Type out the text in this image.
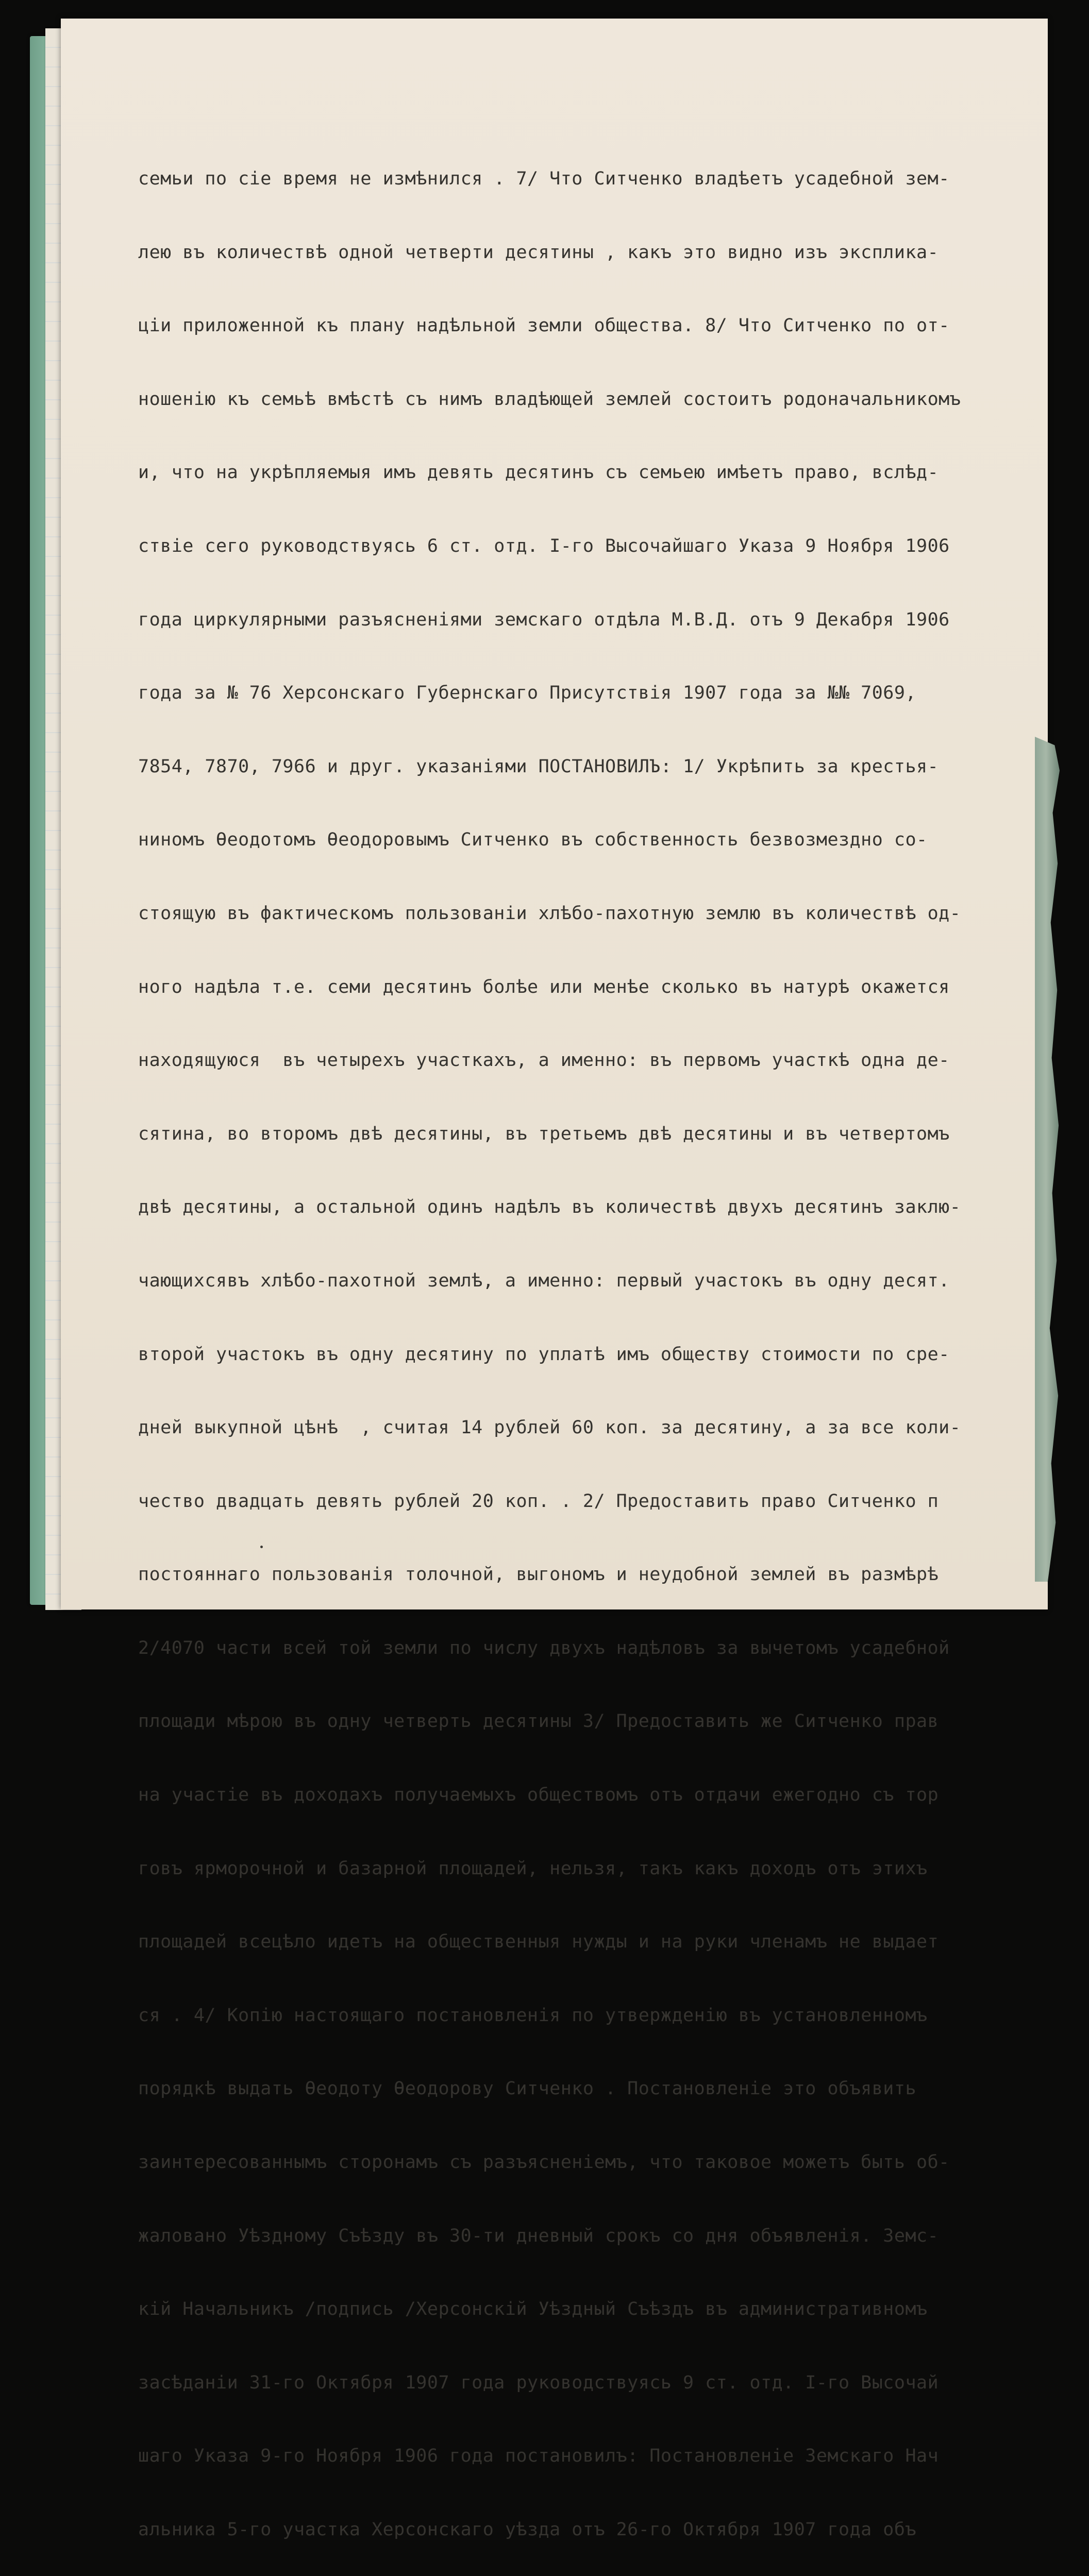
семьи по сіе время не измѣнился . 7/ Что Ситченко владѣетъ усадебной зем-

лею въ количествѣ одной четверти десятины , какъ это видно изъ эксплика-

ціи приложенной къ плану надѣльной земли общества. 8/ Что Ситченко по от-

ношенію къ семьѣ вмѣстѣ съ нимъ владѣющей землей состоитъ родоначальникомъ

и, что на укрѣпляемыя имъ девять десятинъ съ семьею имѣетъ право, вслѣд-

ствіе сего руководствуясь 6 ст. отд. I-го Высочайшаго Указа 9 Ноября 1906

года циркулярными разъясненіями земскаго отдѣла М.В.Д. отъ 9 Декабря 1906

года за № 76 Херсонскаго Губернскаго Присутствія 1907 года за №№ 7069,

7854, 7870, 7966 и друг. указаніями ПОСТАНОВИЛЪ: 1/ Укрѣпить за крестья-

ниномъ Ѳеодотомъ Ѳеодоровымъ Ситченко въ собственность безвозмездно со-

стоящую въ фактическомъ пользованіи хлѣбо-пахотную землю въ количествѣ од-

ного надѣла т.е. семи десятинъ болѣе или менѣе сколько въ натурѣ окажется

находящуюся  въ четырехъ участкахъ, а именно: въ первомъ участкѣ одна де-

сятина, во второмъ двѣ десятины, въ третьемъ двѣ десятины и въ четвертомъ

двѣ десятины, а остальной одинъ надѣлъ въ количествѣ двухъ десятинъ заклю-

чающихсявъ хлѣбо-пахотной землѣ, а именно: первый участокъ въ одну десят.

второй участокъ въ одну десятину по уплатѣ имъ обществу стоимости по сре-

дней выкупной цѣнѣ  , считая 14 рублей 60 коп. за десятину, а за все коли-

чество двадцать девять рублей 20 коп. . 2/ Предоставить право Ситченко п

постояннаго пользованія толочной, выгономъ и неудобной землей въ размѣрѣ

2/4070 части всей той земли по числу двухъ надѣловъ за вычетомъ усадебной

площади мѣрою въ одну четверть десятины 3/ Предоставить же Ситченко прав

на участіе въ доходахъ получаемыхъ обществомъ отъ отдачи ежегодно съ тор

говъ ярморочной и базарной площадей, нельзя, такъ какъ доходъ отъ этихъ

площадей всецѣло идетъ на общественныя нужды и на руки членамъ не выдает

ся . 4/ Копію настоящаго постановленія по утвержденію въ установленномъ

порядкѣ выдать Ѳеодоту Ѳеодорову Ситченко . Постановленіе это объявить

заинтересованнымъ сторонамъ съ разъясненіемъ, что таковое можетъ быть об-

жаловано Уѣздному Съѣзду въ 30-ти дневный срокъ со дня объявленія. Земс-

кій Начальникъ /подпись /Херсонскій Уѣздный Съѣздъ въ административномъ

засѣданіи 31-го Октября 1907 года руководствуясь 9 ст. отд. I-го Высочай

шаго Указа 9-го Ноября 1906 года постановилъ: Постановленіе Земскаго Нач

альника 5-го участка Херсонскаго уѣзда отъ 26-го Октября 1907 года объ
